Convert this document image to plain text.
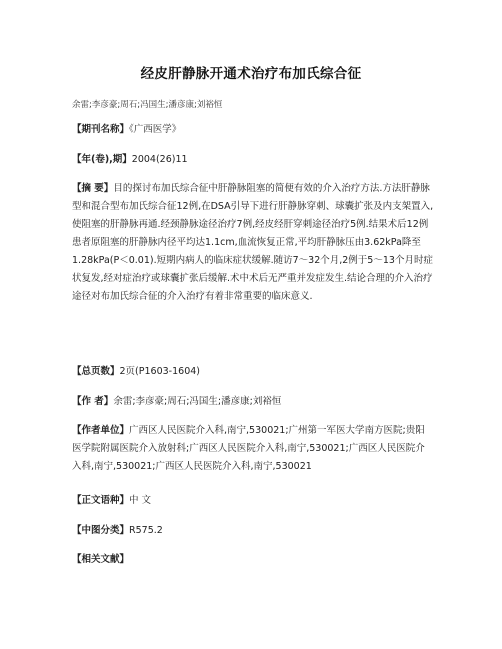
经皮肝静脉开通术治疗布加氏综合征
余雷;李彦豪;周石;冯国生;潘彦康;刘裕恒
【期刊名称】《广西医学》
【年(卷),期】2004(26)11
【摘 要】目的探讨布加氏综合征中肝静脉阻塞的简便有效的介入治疗方法.方法肝静脉型和混合型布加氏综合征12例,在DSA引导下进行肝静脉穿刺、球囊扩张及内支架置入,使阻塞的肝静脉再通.经颈静脉途径治疗7例,经皮经肝穿刺途径治疗5例.结果术后12例患者原阻塞的肝静脉内径平均达1.1cm,血流恢复正常,平均肝静脉压由3.62kPa降至1.28kPa(P＜0.01).短期内病人的临床症状缓解.随访7～32个月,2例于5～13个月时症状复发,经对症治疗或球囊扩张后缓解.术中术后无严重并发症发生.结论合理的介入治疗途径对布加氏综合征的介入治疗有着非常重要的临床意义.
【总页数】2页(P1603-1604)
【作 者】余雷;李彦豪;周石;冯国生;潘彦康;刘裕恒
【作者单位】广西区人民医院介入科,南宁,530021;广州第一军医大学南方医院;贵阳医学院附属医院介入放射科;广西区人民医院介入科,南宁,530021;广西区人民医院介入科,南宁,530021;广西区人民医院介入科,南宁,530021
【正文语种】中 文
【中图分类】R575.2
【相关文献】
